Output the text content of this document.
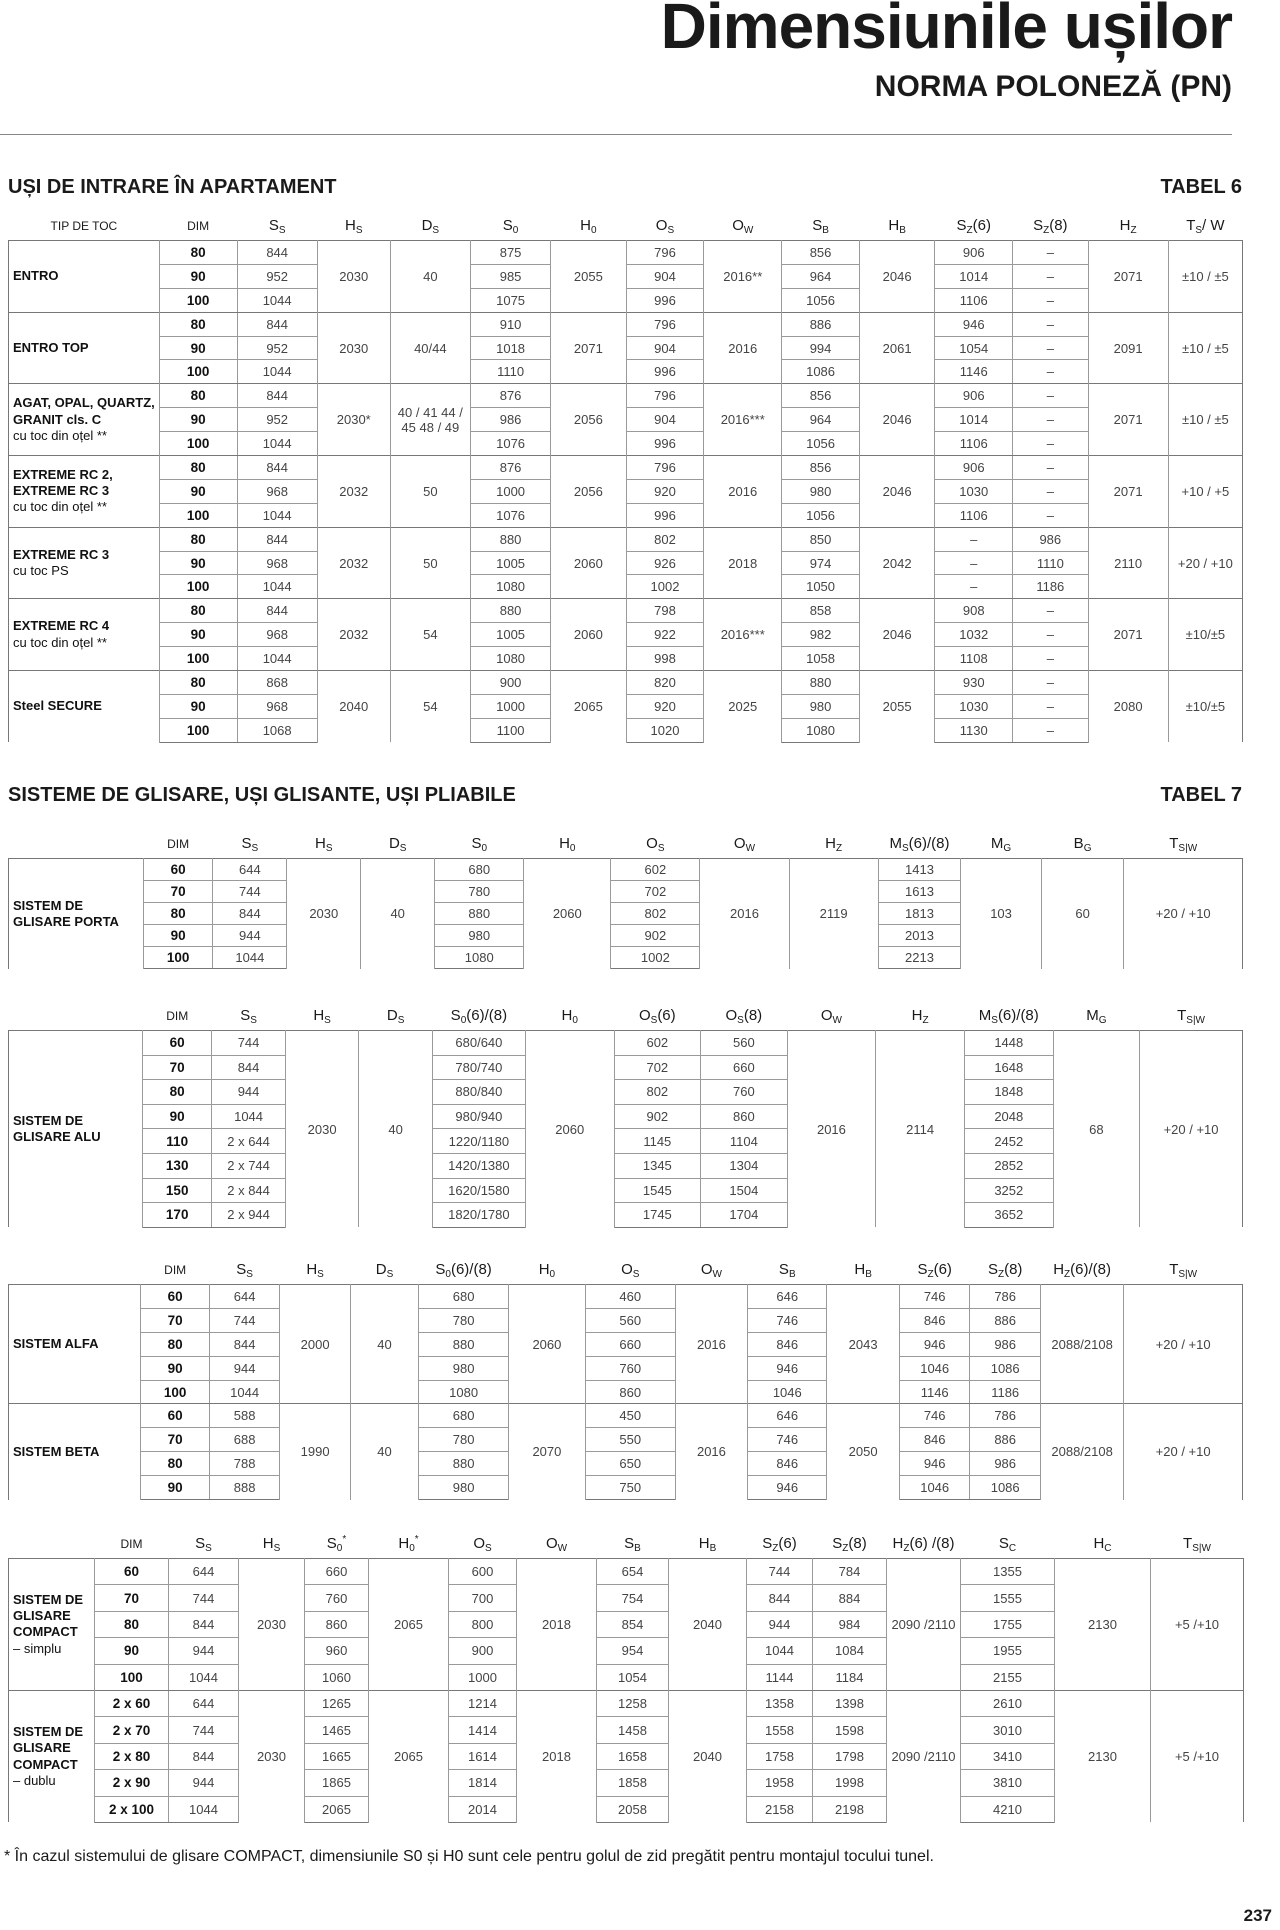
Dimensiunile ușilor
NORMA POLONEZĂ (PN)
UȘI DE INTRARE ÎN APARTAMENT	TABEL 6
TIP DE TOC	DIM	$S_S$	$H_S$	$D_S$	$S_0$	$H_0$	$O_S$	$O_W$	$S_B$	$H_B$	$S_Z(6)$	$S_Z(8)$	$H_Z$	$T_S/$ W
ENTRO	80	844	2030	40	875	2055	796	2016**	856	2046	906	–	2071	±10 / ±5
	90	952			985		904		964		1014	–		
	100	1044			1075		996		1056		1106	–		
ENTRO TOP	80	844	2030	40/44	910	2071	796	2016	886	2061	946	–	2091	±10 / ±5
	90	952			1018		904		994		1054	–		
	100	1044			1110		996		1086		1146	–		
AGAT, OPAL, QUARTZ, GRANIT cls. C
cu toc din oțel **	80	844	2030*	40 / 41 44 / 45 48 / 49	876	2056	796	2016***	856	2046	906	–	2071	±10 / ±5
	90	952			986		904		964		1014	–		
	100	1044			1076		996		1056		1106	–		
EXTREME RC 2, EXTREME RC 3
cu toc din oțel **	80	844	2032	50	876	2056	796	2016	856	2046	906	–	2071	+10 / +5
	90	968			1000		920		980		1030	–		
	100	1044			1076		996		1056		1106	–		
EXTREME RC 3
cu toc PS	80	844	2032	50	880	2060	802	2018	850	2042	–	986	2110	+20 / +10
	90	968			1005		926		974		–	1110		
	100	1044			1080		1002		1050		–	1186		
EXTREME RC 4
cu toc din oțel **	80	844	2032	54	880	2060	798	2016***	858	2046	908	–	2071	±10/±5
	90	968			1005		922		982		1032	–		
	100	1044			1080		998		1058		1108	–		
Steel SECURE	80	868	2040	54	900	2065	820	2025	880	2055	930	–	2080	±10/±5
	90	968			1000		920		980		1030	–		
	100	1068			1100		1020		1080		1130	–		
SISTEME DE GLISARE, UȘI GLISANTE, UȘI PLIABILE	TABEL 7
	DIM	$S_S$	$H_S$	$D_S$	$S_0$	$H_0$	$O_S$	$O_W$	$H_Z$	$M_S(6)/(8)$	$M_G$	$B_G$	$T_{S|W}$
SISTEM DE GLISARE PORTA	60	644	2030	40	680	2060	602	2016	2119	1413	103	60	+20 / +10
	70	744			780		702			1613			
	80	844			880		802			1813			
	90	944			980		902			2013			
	100	1044			1080		1002			2213			
	DIM	$S_S$	$H_S$	$D_S$	$S_0(6)/(8)$	$H_0$	$O_S(6)$	$O_S(8)$	$O_W$	$H_Z$	$M_S(6)/(8)$	$M_G$	$T_{S|W}$
SISTEM DE GLISARE ALU	60	744	2030	40	680/640	2060	602	560	2016	2114	1448	68	+20 / +10
	70	844			780/740		702	660			1648		
	80	944			880/840		802	760			1848		
	90	1044			980/940		902	860			2048		
	110	2 x 644			1220/1180		1145	1104			2452		
	130	2 x 744			1420/1380		1345	1304			2852		
	150	2 x 844			1620/1580		1545	1504			3252		
	170	2 x 944			1820/1780		1745	1704			3652		
	DIM	$S_S$	$H_S$	$D_S$	$S_0(6)/(8)$	$H_0$	$O_S$	$O_W$	$S_B$	$H_B$	$S_Z(6)$	$S_Z(8)$	$H_Z(6)/(8)$	$T_{S|W}$
SISTEM ALFA	60	644	2000	40	680	2060	460	2016	646	2043	746	786	2088/2108	+20 / +10
	70	744			780		560		746		846	886		
	80	844			880		660		846		946	986		
	90	944			980		760		946		1046	1086		
	100	1044			1080		860		1046		1146	1186		
SISTEM BETA	60	588	1990	40	680	2070	450	2016	646	2050	746	786	2088/2108	+20 / +10
	70	688			780		550		746		846	886		
	80	788			880		650		846		946	986		
	90	888			980		750		946		1046	1086		
	DIM	$S_S$	$H_S$	$S_0^*$	$H_0^*$	$O_S$	$O_W$	$S_B$	$H_B$	$S_Z(6)$	$S_Z(8)$	$H_Z(6)$ /(8)	$S_C$	$H_C$	$T_{S|W}$
SISTEM DE GLISARE COMPACT
– simplu	60	644	2030	660	2065	600	2018	654	2040	744	784	2090 /2110	1355	2130	+5 /+10
	70	744		760		700		754		844	884		1555		
	80	844		860		800		854		944	984		1755		
	90	944		960		900		954		1044	1084		1955		
	100	1044		1060		1000		1054		1144	1184		2155		
SISTEM DE GLISARE COMPACT
– dublu	2 x 60	644	2030	1265	2065	1214	2018	1258	2040	1358	1398	2090 /2110	2610	2130	+5 /+10
	2 x 70	744		1465		1414		1458		1558	1598		3010		
	2 x 80	844		1665		1614		1658		1758	1798		3410		
	2 x 90	944		1865		1814		1858		1958	1998		3810		
	2 x 100	1044		2065		2014		2058		2158	2198		4210		
* În cazul sistemului de glisare COMPACT, dimensiunile S0 și H0 sunt cele pentru golul de zid pregătit pentru montajul tocului tunel.
237
